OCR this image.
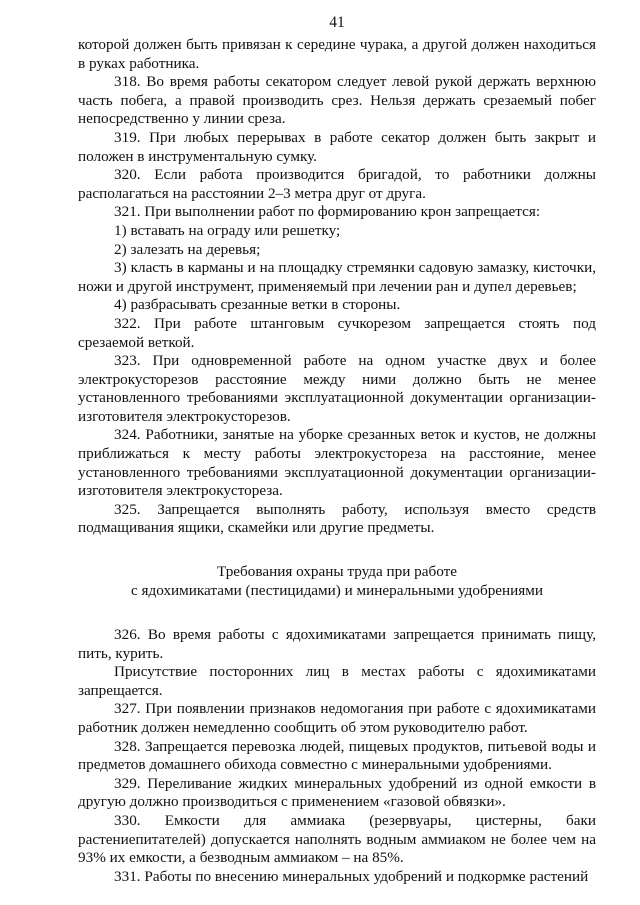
41

которой должен быть привязан к середине чурака, а другой должен находиться в руках работника.

318. Во время работы секатором следует левой рукой держать верхнюю часть побега, а правой производить срез. Нельзя держать срезаемый побег непосредственно у линии среза.

319. При любых перерывах в работе секатор должен быть закрыт и положен в инструментальную сумку.

320. Если работа производится бригадой, то работники должны располагаться на расстоянии 2–3 метра друг от друга.

321. При выполнении работ по формированию крон запрещается:

1) вставать на ограду или решетку;

2) залезать на деревья;

3) класть в карманы и на площадку стремянки садовую замазку, кисточки, ножи и другой инструмент, применяемый при лечении ран и дупел деревьев;

4) разбрасывать срезанные ветки в стороны.

322. При работе штанговым сучкорезом запрещается стоять под срезаемой веткой.

323. При одновременной работе на одном участке двух и более электрокусторезов расстояние между ними должно быть не менее установленного требованиями эксплуатационной документации организации-изготовителя электрокусторезов.

324. Работники, занятые на уборке срезанных веток и кустов, не должны приближаться к месту работы электрокустореза на расстояние, менее установленного требованиями эксплуатационной документации организации-изготовителя электрокустореза.

325. Запрещается выполнять работу, используя вместо средств подмащивания ящики, скамейки или другие предметы.

Требования охраны труда при работе
с ядохимикатами (пестицидами) и минеральными удобрениями

326. Во время работы с ядохимикатами запрещается принимать пищу, пить, курить.

Присутствие посторонних лиц в местах работы с ядохимикатами запрещается.

327. При появлении признаков недомогания при работе с ядохимикатами работник должен немедленно сообщить об этом руководителю работ.

328. Запрещается перевозка людей, пищевых продуктов, питьевой воды и предметов домашнего обихода совместно с минеральными удобрениями.

329. Переливание жидких минеральных удобрений из одной емкости в другую должно производиться с применением «газовой обвязки».

330. Емкости для аммиака (резервуары, цистерны, баки растениепитателей) допускается наполнять водным аммиаком не более чем на 93% их емкости, а безводным аммиаком – на 85%.

331. Работы по внесению минеральных удобрений и подкормке растений
